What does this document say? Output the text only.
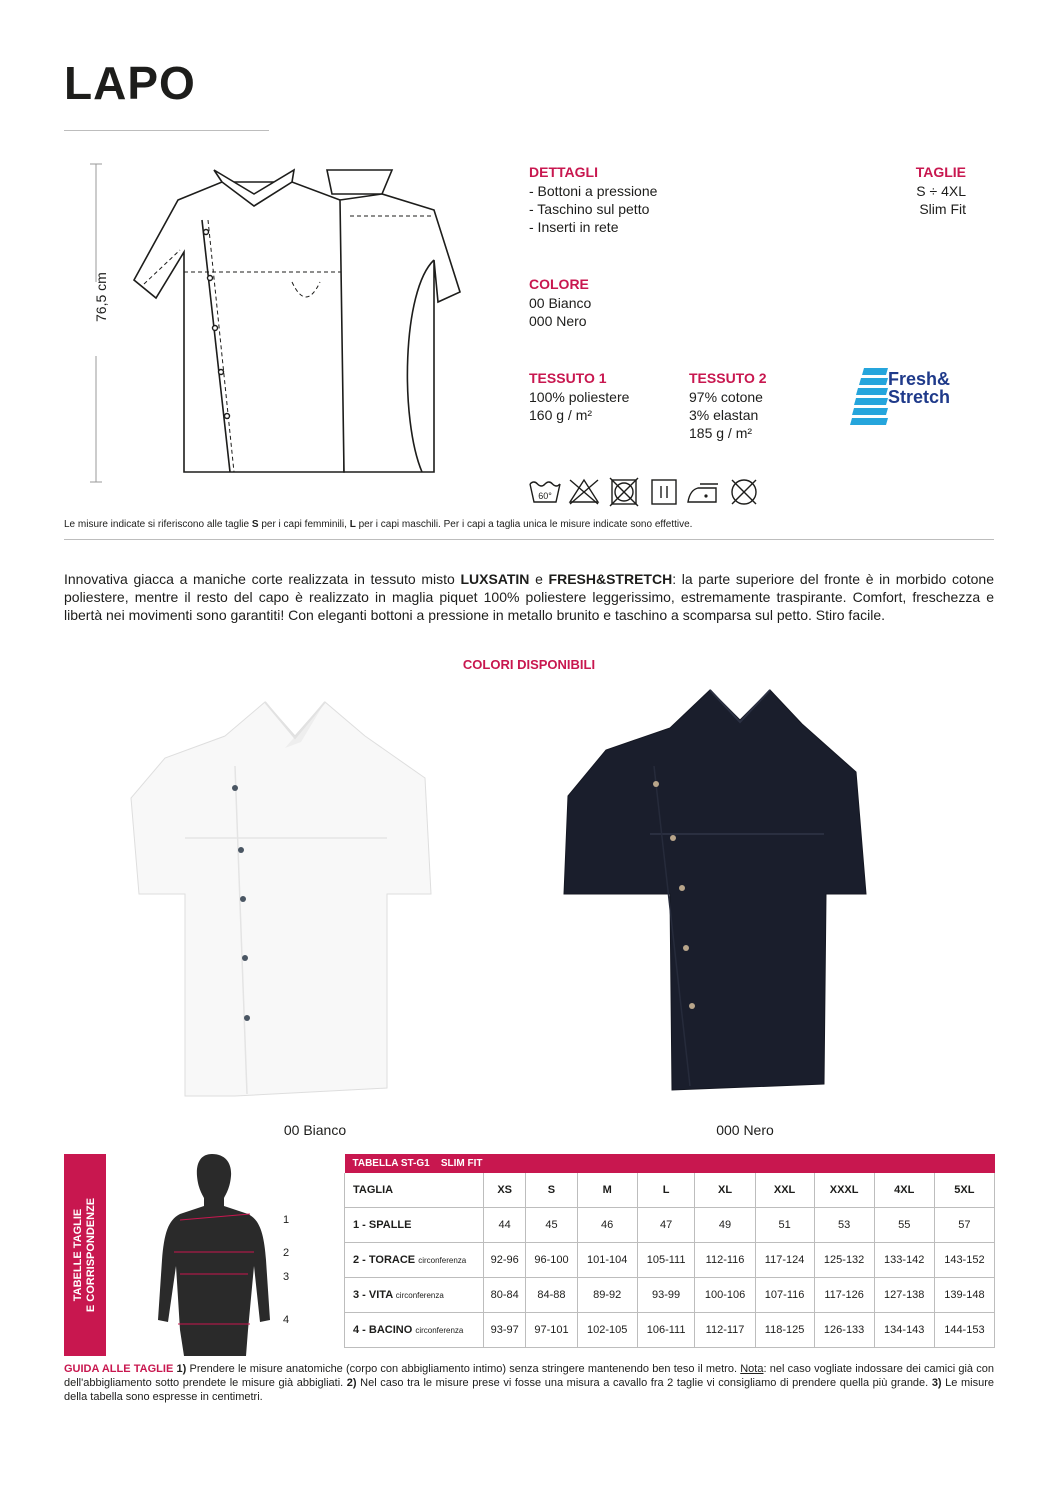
LAPO
76,5 cm
DETTAGLI
- Bottoni a pressione
- Taschino sul petto
- Inserti in rete
TAGLIE
S ÷ 4XL
Slim Fit
COLORE
00 Bianco
000 Nero
TESSUTO 1
100% poliestere
160 g / m²
TESSUTO 2
97% cotone
3% elastan
185 g / m²
Fresh&
Stretch
60°
Le misure indicate si riferiscono alle taglie S per i capi femminili, L per i capi maschili. Per i capi a taglia unica le misure indicate sono effettive.
Innovativa giacca a maniche corte realizzata in tessuto misto LUXSATIN e FRESH&STRETCH: la parte superiore del fronte è in morbido cotone poliestere, mentre il resto del capo è realizzato in maglia piquet 100% poliestere leggerissimo, estremamente traspirante. Comfort, freschezza e libertà nei movimenti sono garantiti! Con eleganti bottoni a pressione in metallo brunito e taschino a scomparsa sul petto. Stiro facile.
COLORI DISPONIBILI
00 Bianco	000 Nero
TABELLE TAGLIE
E CORRISPONDENZE	1
2
3
4
TABELLA ST-G1 SLIM FIT									
TAGLIA	XS	S	M	L	XL	XXL	XXXL	4XL	5XL
1 - SPALLE	44	45	46	47	49	51	53	55	57
2 - TORACE circonferenza	92-96	96-100	101-104	105-111	112-116	117-124	125-132	133-142	143-152
3 - VITA circonferenza	80-84	84-88	89-92	93-99	100-106	107-116	117-126	127-138	139-148
4 - BACINO circonferenza	93-97	97-101	102-105	106-111	112-117	118-125	126-133	134-143	144-153
GUIDA ALLE TAGLIE 1) Prendere le misure anatomiche (corpo con abbigliamento intimo) senza stringere mantenendo ben teso il metro. Nota: nel caso vogliate indossare dei camici già con dell'abbigliamento sotto prendete le misure già abbigliati. 2) Nel caso tra le misure prese vi fosse una misura a cavallo fra 2 taglie vi consigliamo di prendere quella più grande. 3) Le misure della tabella sono espresse in centimetri.
